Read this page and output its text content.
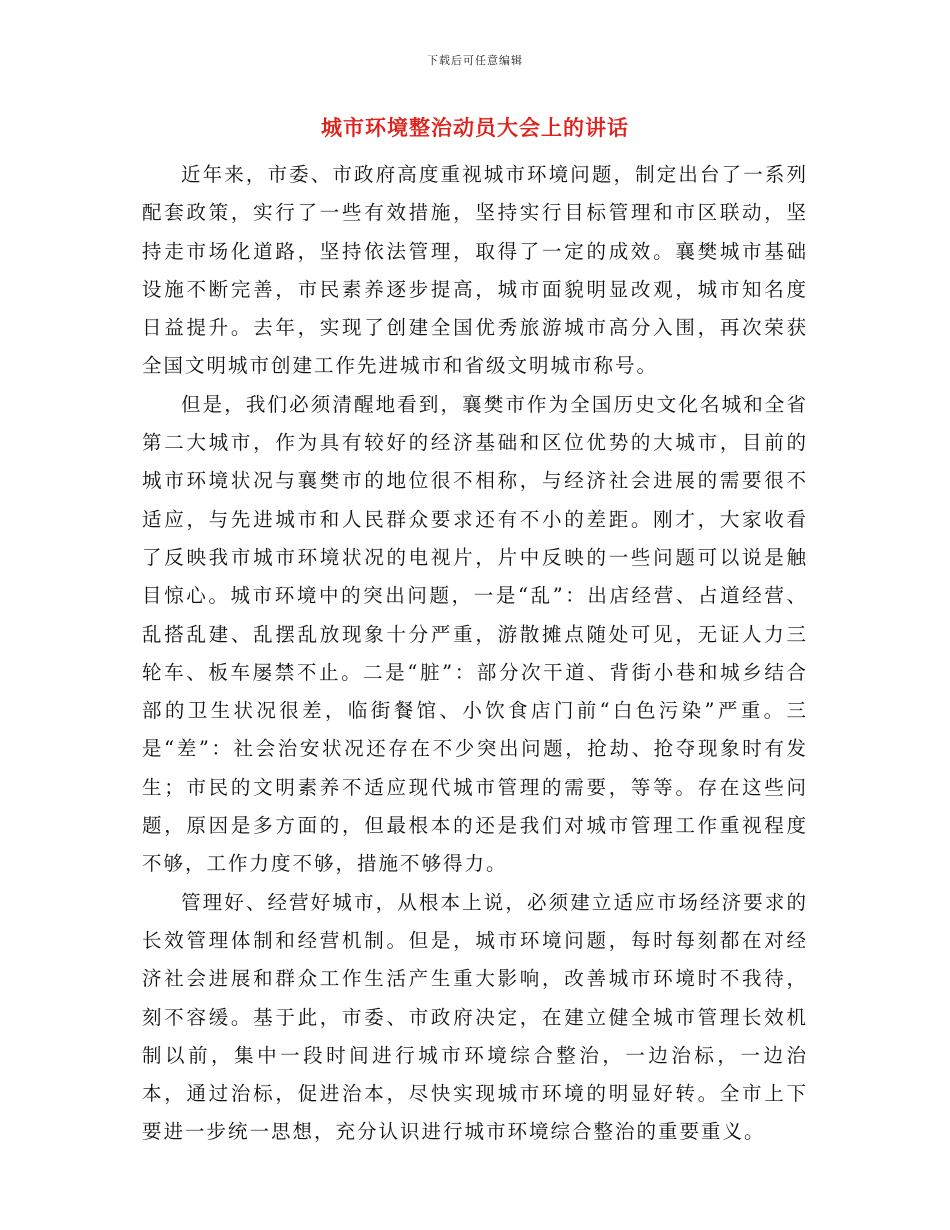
下载后可任意编辑
城市环境整治动员大会上的讲话

近年来，市委、市政府高度重视城市环境问题，制定出台了一系列配套政策，实行了一些有效措施，坚持实行目标管理和市区联动，坚持走市场化道路，坚持依法管理，取得了一定的成效。襄樊城市基础设施不断完善，市民素养逐步提高，城市面貌明显改观，城市知名度日益提升。去年，实现了创建全国优秀旅游城市高分入围，再次荣获全国文明城市创建工作先进城市和省级文明城市称号。

但是，我们必须清醒地看到，襄樊市作为全国历史文化名城和全省第二大城市，作为具有较好的经济基础和区位优势的大城市，目前的城市环境状况与襄樊市的地位很不相称，与经济社会进展的需要很不适应，与先进城市和人民群众要求还有不小的差距。刚才，大家收看了反映我市城市环境状况的电视片，片中反映的一些问题可以说是触目惊心。城市环境中的突出问题，一是“乱”：出店经营、占道经营、乱搭乱建、乱摆乱放现象十分严重，游散摊点随处可见，无证人力三轮车、板车屡禁不止。二是“脏”：部分次干道、背街小巷和城乡结合部的卫生状况很差，临街餐馆、小饮食店门前“白色污染”严重。三是“差”：社会治安状况还存在不少突出问题，抢劫、抢夺现象时有发生；市民的文明素养不适应现代城市管理的需要，等等。存在这些问题，原因是多方面的，但最根本的还是我们对城市管理工作重视程度不够，工作力度不够，措施不够得力。

管理好、经营好城市，从根本上说，必须建立适应市场经济要求的长效管理体制和经营机制。但是，城市环境问题，每时每刻都在对经济社会进展和群众工作生活产生重大影响，改善城市环境时不我待，刻不容缓。基于此，市委、市政府决定，在建立健全城市管理长效机制以前，集中一段时间进行城市环境综合整治，一边治标，一边治本，通过治标，促进治本，尽快实现城市环境的明显好转。全市上下要进一步统一思想，充分认识进行城市环境综合整治的重要重义。
